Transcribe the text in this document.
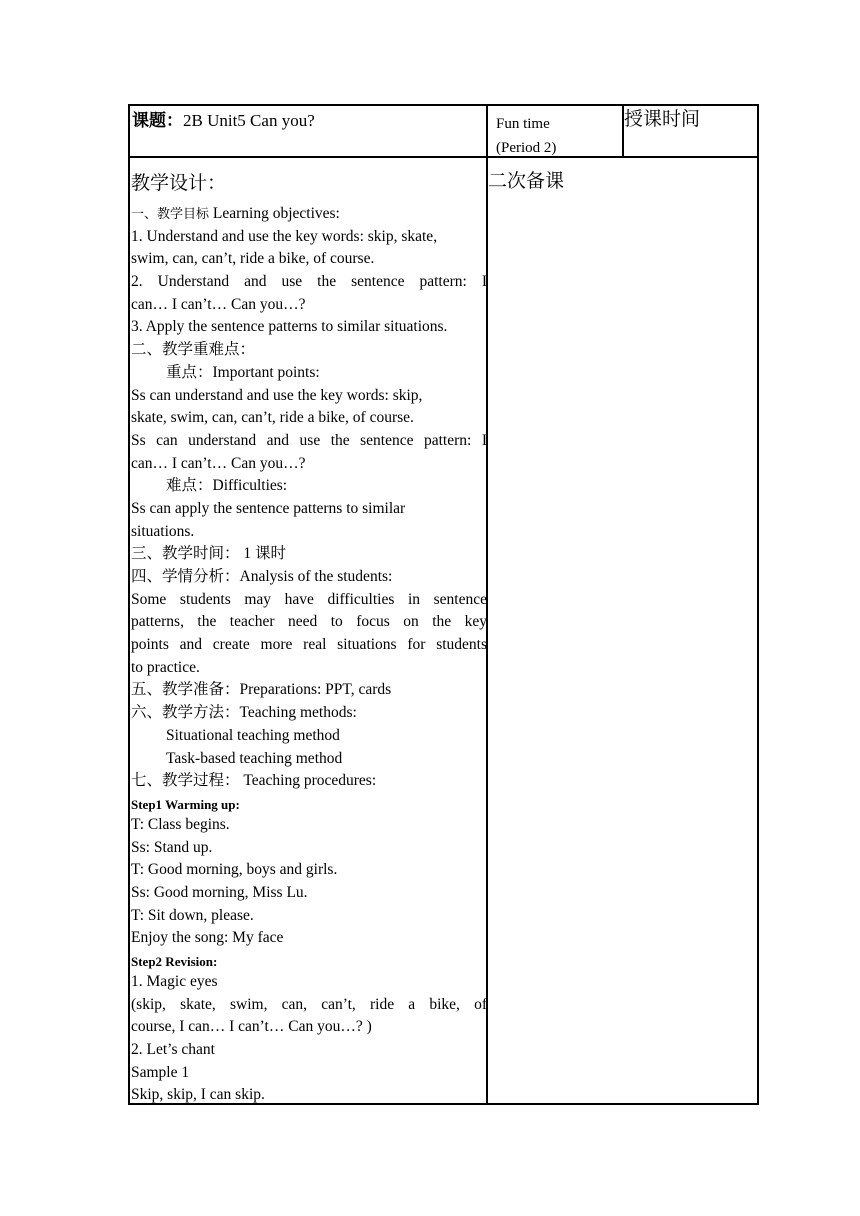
课题：2B Unit5 Can you?	Fun time
(Period 2)
授课时间
二次备课
教学设计：
一、教学目标 Learning objectives:
1. Understand and use the key words: skip, skate,
swim, can, can’t, ride a bike, of course.
2. Understand and use the sentence pattern: I
can… I can’t… Can you…?
3. Apply the sentence patterns to similar situations.
二、教学重难点：
重点：Important points:
Ss can understand and use the key words: skip,
skate, swim, can, can’t, ride a bike, of course.
Ss can understand and use the sentence pattern: I
can… I can’t… Can you…?
难点：Difficulties:
Ss can apply the sentence patterns to similar
situations.
三、教学时间： 1 课时
四、学情分析：Analysis of the students:
Some students may have difficulties in sentence
patterns, the teacher need to focus on the key
points and create more real situations for students
to practice.
五、教学准备：Preparations: PPT, cards
六、教学方法：Teaching methods:
Situational teaching method
Task-based teaching method
七、教学过程： Teaching procedures:
Step1 Warming up:
T: Class begins.
Ss: Stand up.
T: Good morning, boys and girls.
Ss: Good morning, Miss Lu.
T: Sit down, please.
Enjoy the song: My face
Step2 Revision:
1. Magic eyes
(skip, skate, swim, can, can’t, ride a bike, of
course, I can… I can’t… Can you…? )
2. Let’s chant
Sample 1
Skip, skip, I can skip.
